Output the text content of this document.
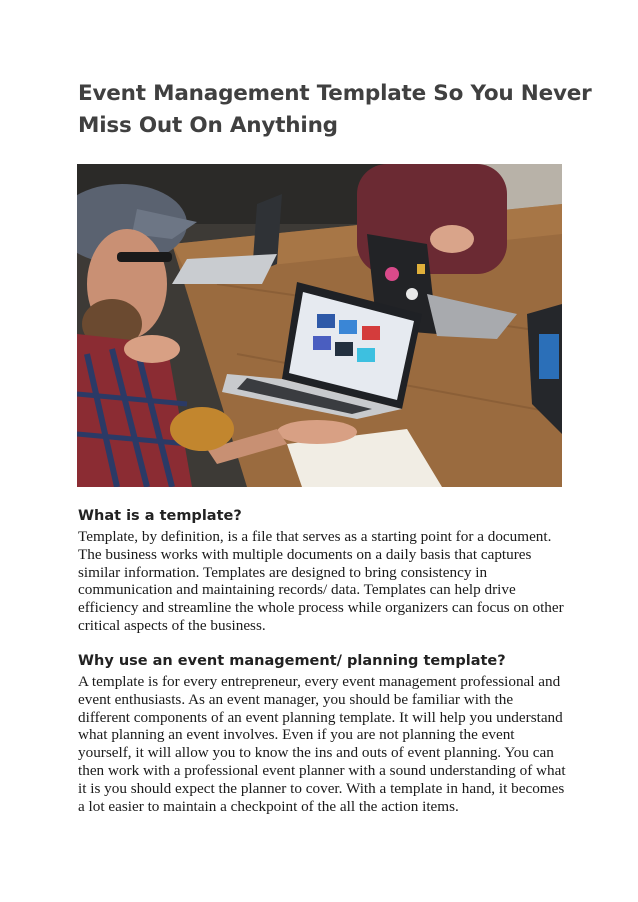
Event Management Template So You Never
Miss Out On Anything
What is a template?

Template, by definition, is a file that serves as a starting point for a document.
The business works with multiple documents on a daily basis that captures
similar information. Templates are designed to bring consistency in
communication and maintaining records/ data. Templates can help drive
efficiency and streamline the whole process while organizers can focus on other
critical aspects of the business.

Why use an event management/ planning template?

A template is for every entrepreneur, every event management professional and
event enthusiasts. As an event manager, you should be familiar with the
different components of an event planning template. It will help you understand
what planning an event involves. Even if you are not planning the event
yourself, it will allow you to know the ins and outs of event planning. You can
then work with a professional event planner with a sound understanding of what
it is you should expect the planner to cover. With a template in hand, it becomes
a lot easier to maintain a checkpoint of the all the action items.
